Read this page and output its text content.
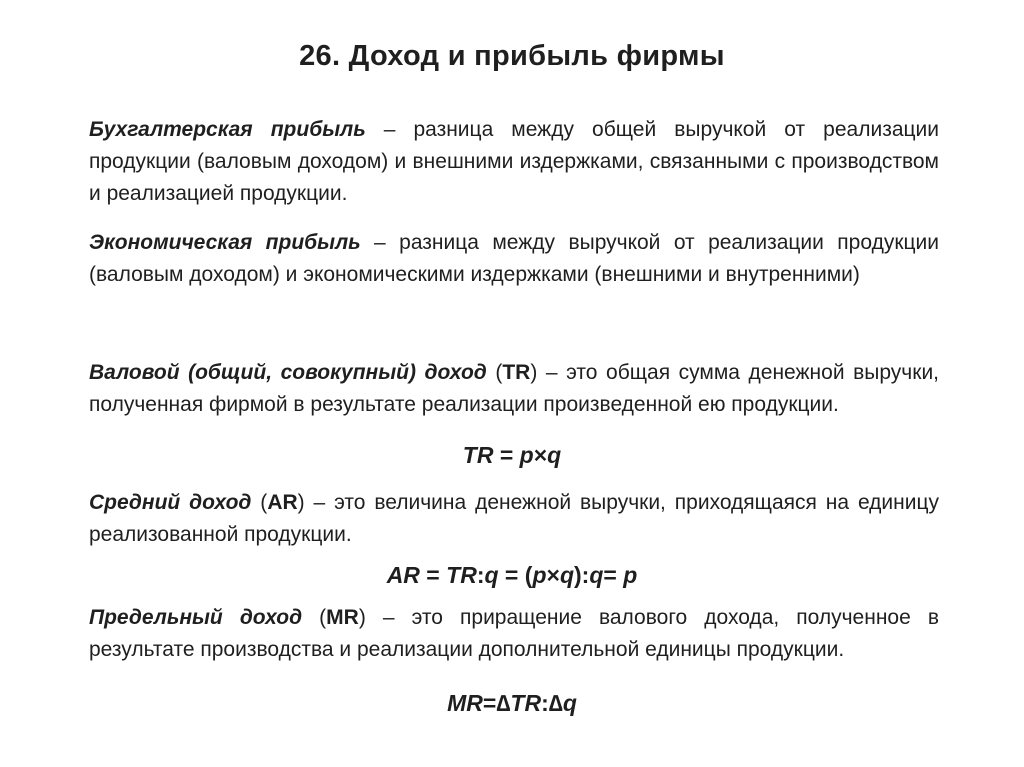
26. Доход и прибыль фирмы

Бухгалтерская прибыль – разница между общей выручкой от реализации продукции (валовым доходом) и внешними издержками, связанными с производством и реализацией продукции.

Экономическая прибыль – разница между выручкой от реализации продукции (валовым доходом) и экономическими издержками (внешними и внутренними)

Валовой (общий, совокупный) доход (TR) – это общая сумма денежной выручки, полученная фирмой в результате реализации произведенной ею продукции.

TR = p×q

Средний доход (AR) – это величина денежной выручки, приходящаяся на единицу реализованной продукции.

AR = TR:q = (p×q):q= p

Предельный доход (MR) – это приращение валового дохода, полученное в результате производства и реализации дополнительной единицы продукции.

MR=∆TR:∆q
